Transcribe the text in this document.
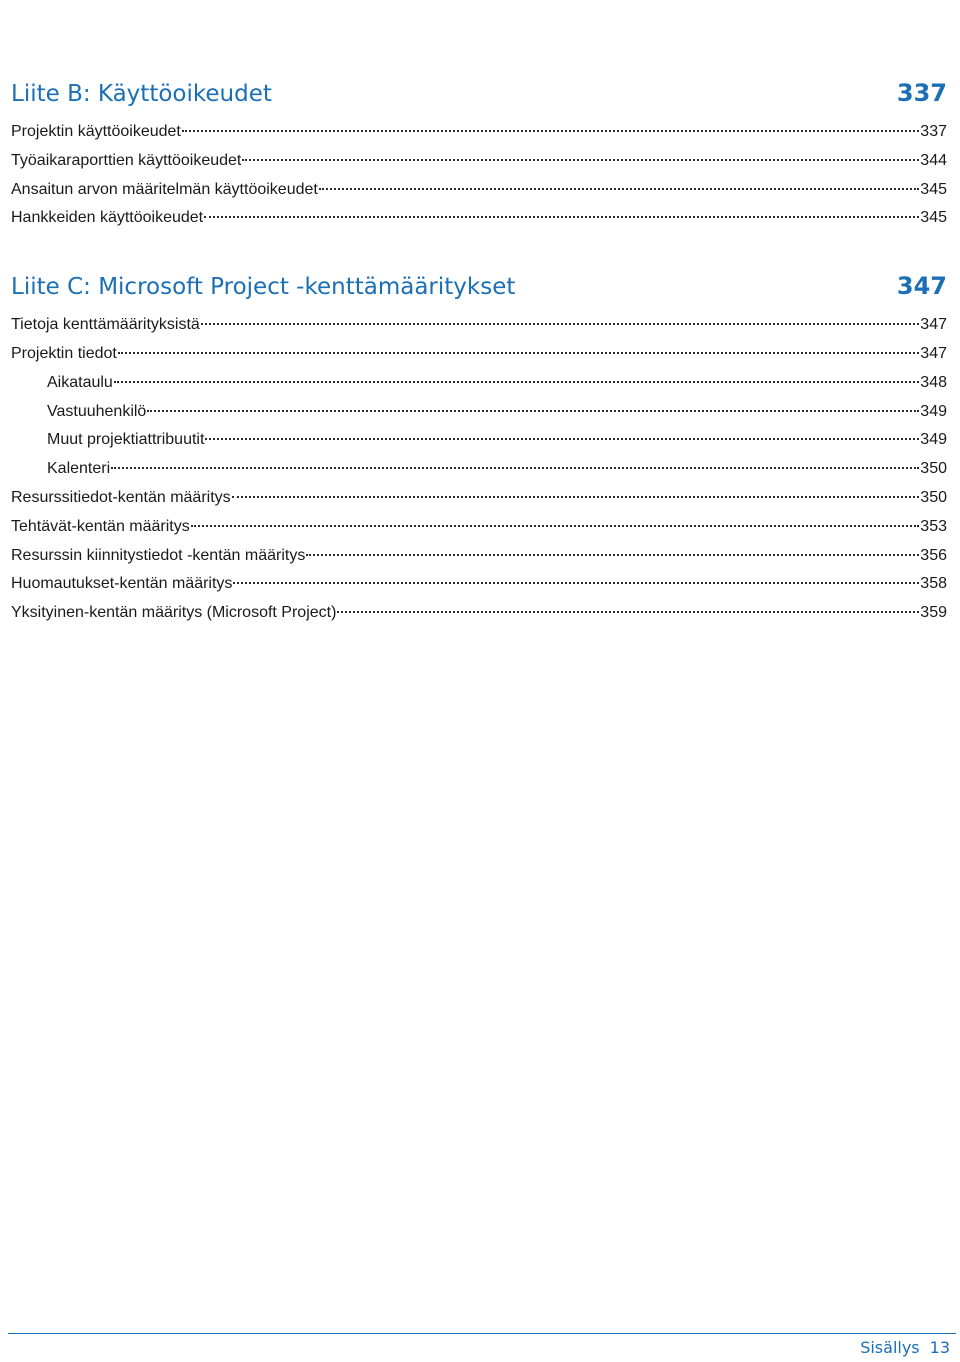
Liite B: Käyttöoikeudet	337
Projektin käyttöoikeudet	337
Työaikaraporttien käyttöoikeudet	344
Ansaitun arvon määritelmän käyttöoikeudet	345
Hankkeiden käyttöoikeudet	345
Liite C: Microsoft Project -kenttämääritykset	347
Tietoja kenttämäärityksistä	347
Projektin tiedot	347
Aikataulu	348
Vastuuhenkilö	349
Muut projektiattribuutit	349
Kalenteri	350
Resurssitiedot-kentän määritys	350
Tehtävät-kentän määritys	353
Resurssin kiinnitystiedot -kentän määritys	356
Huomautukset-kentän määritys	358
Yksityinen-kentän määritys (Microsoft Project)	359
Sisällys 13
